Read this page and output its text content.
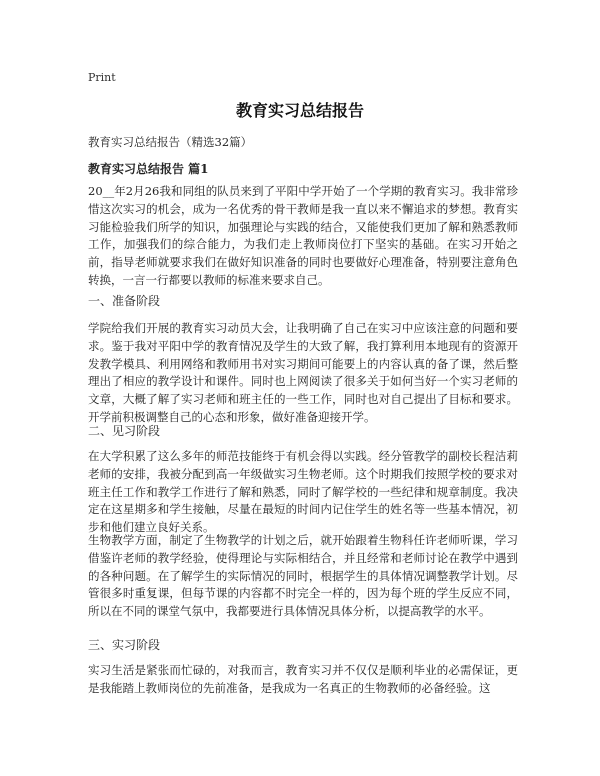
Print
教育实习总结报告

教育实习总结报告（精选32篇）

教育实习总结报告 篇1

20__年2月26我和同组的队员来到了平阳中学开始了一个学期的教育实习。我非常珍惜这次实习的机会，成为一名优秀的骨干教师是我一直以来不懈追求的梦想。教育实习能检验我们所学的知识，加强理论与实践的结合，又能使我们更加了解和熟悉教师工作，加强我们的综合能力，为我们走上教师岗位打下坚实的基础。在实习开始之前，指导老师就要求我们在做好知识准备的同时也要做好心理准备，特别要注意角色转换，一言一行都要以教师的标准来要求自己。

一、准备阶段

学院给我们开展的教育实习动员大会，让我明确了自己在实习中应该注意的问题和要求。鉴于我对平阳中学的教育情况及学生的大致了解，我打算利用本地现有的资源开发教学模具、利用网络和教师用书对实习期间可能要上的内容认真的备了课，然后整理出了相应的教学设计和课件。同时也上网阅读了很多关于如何当好一个实习老师的文章，大概了解了实习老师和班主任的一些工作，同时也对自己提出了目标和要求。开学前积极调整自己的心态和形象，做好准备迎接开学。

二、见习阶段

在大学积累了这么多年的师范技能终于有机会得以实践。经分管教学的副校长程洁莉老师的安排，我被分配到高一年级做实习生物老师。这个时期我们按照学校的要求对班主任工作和教学工作进行了解和熟悉，同时了解学校的一些纪律和规章制度。我决定在这星期多和学生接触，尽量在最短的时间内记住学生的姓名等一些基本情况，初步和他们建立良好关系。

生物教学方面，制定了生物教学的计划之后，就开始跟着生物科任许老师听课，学习借鉴许老师的教学经验，使得理论与实际相结合，并且经常和老师讨论在教学中遇到的各种问题。在了解学生的实际情况的同时，根据学生的具体情况调整教学计划。尽管很多时重复课，但每节课的内容都不时完全一样的，因为每个班的学生反应不同，所以在不同的课堂气氛中，我都要进行具体情况具体分析，以提高教学的水平。

三、实习阶段

实习生活是紧张而忙碌的，对我而言，教育实习并不仅仅是顺利毕业的必需保证，更是我能踏上教师岗位的先前准备，是我成为一名真正的生物教师的必备经验。这
